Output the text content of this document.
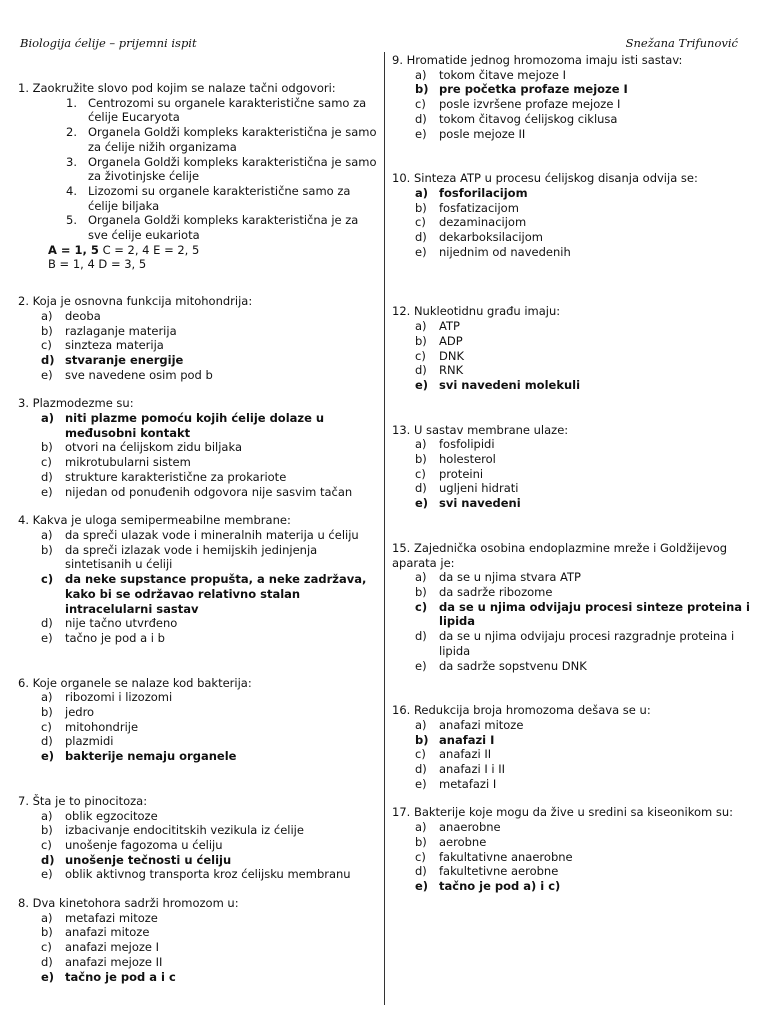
Biologija ćelije – prijemni ispit	Snežana Trifunović
1. Zaokružite slovo pod kojim se nalaze tačni odgovori:
1. Centrozomi su organele karakteristične samo za ćelije Eucaryota
2. Organela Goldži kompleks karakteristična je samo za ćelije nižih organizama
3. Organela Goldži kompleks karakteristična je samo za životinjske ćelije
4. Lizozomi su organele karakteristične samo za ćelije biljaka
5. Organela Goldži kompleks karakteristična je za sve ćelije eukariota
A = 1, 5 C = 2, 4 E = 2, 5
B = 1, 4 D = 3, 5
2. Koja je osnovna funkcija mitohondrija:
a) deoba
b) razlaganje materija
c) sinzteza materija
d) stvaranje energije
e) sve navedene osim pod b
3. Plazmodezme su:
a) niti plazme pomoću kojih ćelije dolaze u međusobni kontakt
b) otvori na ćelijskom zidu biljaka
c) mikrotubularni sistem
d) strukture karakteristične za prokariote
e) nijedan od ponuđenih odgovora nije sasvim tačan
4. Kakva je uloga semipermeabilne membrane:
a) da spreči ulazak vode i mineralnih materija u ćeliju
b) da spreči izlazak vode i hemijskih jedinjenja sintetisanih u ćeliji
c) da neke supstance propušta, a neke zadržava, kako bi se održavao relativno stalan intracelularni sastav
d) nije tačno utvrđeno
e) tačno je pod a i b
6. Koje organele se nalaze kod bakterija:
a) ribozomi i lizozomi
b) jedro
c) mitohondrije
d) plazmidi
e) bakterije nemaju organele
7. Šta je to pinocitoza:
a) oblik egzocitoze
b) izbacivanje endocititskih vezikula iz ćelije
c) unošenje fagozoma u ćeliju
d) unošenje tečnosti u ćeliju
e) oblik aktivnog transporta kroz ćelijsku membranu
8. Dva kinetohora sadrži hromozom u:
a) metafazi mitoze
b) anafazi mitoze
c) anafazi mejoze I
d) anafazi mejoze II
e) tačno je pod a i c
9. Hromatide jednog hromozoma imaju isti sastav:
a) tokom čitave mejoze I
b) pre početka profaze mejoze I
c) posle izvršene profaze mejoze I
d) tokom čitavog ćelijskog ciklusa
e) posle mejoze II
10. Sinteza ATP u procesu ćelijskog disanja odvija se:
a) fosforilacijom
b) fosfatizacijom
c) dezaminacijom
d) dekarboksilacijom
e) nijednim od navedenih
12. Nukleotidnu građu imaju:
a) ATP
b) ADP
c) DNK
d) RNK
e) svi navedeni molekuli
13. U sastav membrane ulaze:
a) fosfolipidi
b) holesterol
c) proteini
d) ugljeni hidrati
e) svi navedeni
15. Zajednička osobina endoplazmine mreže i Goldžijevog aparata je:
a) da se u njima stvara ATP
b) da sadrže ribozome
c) da se u njima odvijaju procesi sinteze proteina i lipida
d) da se u njima odvijaju procesi razgradnje proteina i lipida
e) da sadrže sopstvenu DNK
16. Redukcija broja hromozoma dešava se u:
a) anafazi mitoze
b) anafazi I
c) anafazi II
d) anafazi I i II
e) metafazi I
17. Bakterije koje mogu da žive u sredini sa kiseonikom su:
a) anaerobne
b) aerobne
c) fakultativne anaerobne
d) fakultetivne aerobne
e) tačno je pod a) i c)
